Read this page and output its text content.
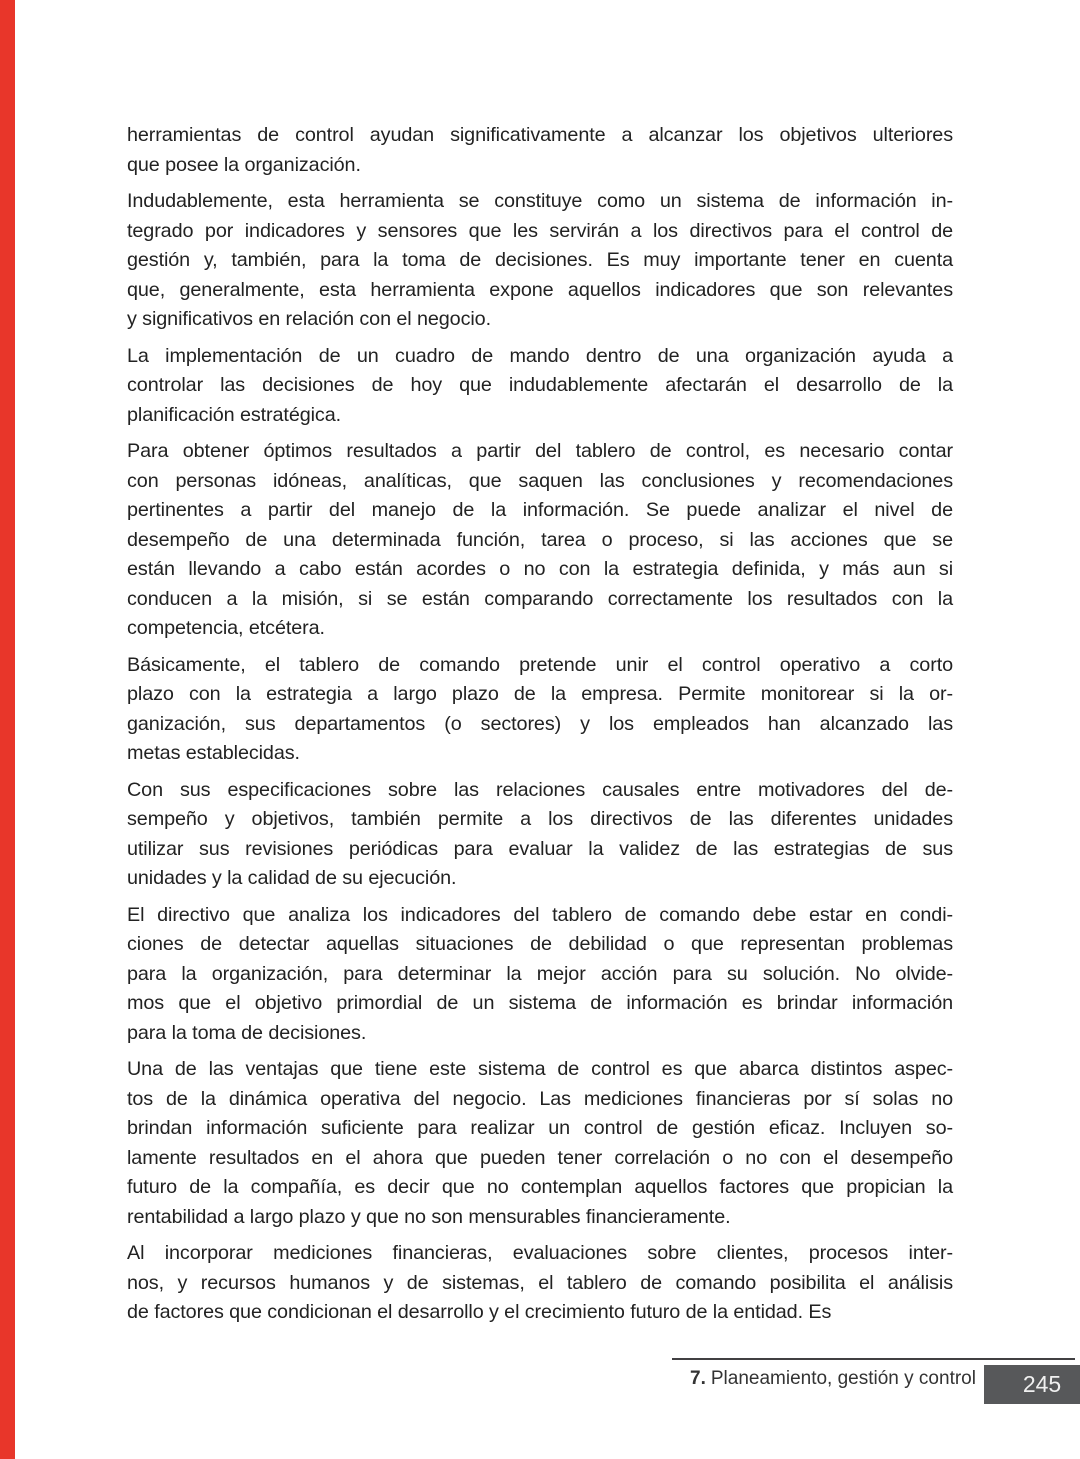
herramientas de control ayudan significativamente a alcanzar los objetivos ulteriores
que posee la organización.
Indudablemente, esta herramienta se constituye como un sistema de información in-
tegrado por indicadores y sensores que les servirán a los directivos para el control de
gestión y, también, para la toma de decisiones. Es muy importante tener en cuenta
que, generalmente, esta herramienta expone aquellos indicadores que son relevantes
y significativos en relación con el negocio.
La implementación de un cuadro de mando dentro de una organización ayuda a
controlar las decisiones de hoy que indudablemente afectarán el desarrollo de la
planificación estratégica.
Para obtener óptimos resultados a partir del tablero de control, es necesario contar
con personas idóneas, analíticas, que saquen las conclusiones y recomendaciones
pertinentes a partir del manejo de la información. Se puede analizar el nivel de
desempeño de una determinada función, tarea o proceso, si las acciones que se
están llevando a cabo están acordes o no con la estrategia definida, y más aun si
conducen a la misión, si se están comparando correctamente los resultados con la
competencia, etcétera.
Básicamente, el tablero de comando pretende unir el control operativo a corto
plazo con la estrategia a largo plazo de la empresa. Permite monitorear si la or-
ganización, sus departamentos (o sectores) y los empleados han alcanzado las
metas establecidas.
Con sus especificaciones sobre las relaciones causales entre motivadores del de-
sempeño y objetivos, también permite a los directivos de las diferentes unidades
utilizar sus revisiones periódicas para evaluar la validez de las estrategias de sus
unidades y la calidad de su ejecución.
El directivo que analiza los indicadores del tablero de comando debe estar en condi-
ciones de detectar aquellas situaciones de debilidad o que representan problemas
para la organización, para determinar la mejor acción para su solución. No olvide-
mos que el objetivo primordial de un sistema de información es brindar información
para la toma de decisiones.
Una de las ventajas que tiene este sistema de control es que abarca distintos aspec-
tos de la dinámica operativa del negocio. Las mediciones financieras por sí solas no
brindan información suficiente para realizar un control de gestión eficaz. Incluyen so-
lamente resultados en el ahora que pueden tener correlación o no con el desempeño
futuro de la compañía, es decir que no contemplan aquellos factores que propician la
rentabilidad a largo plazo y que no son mensurables financieramente.
Al incorporar mediciones financieras, evaluaciones sobre clientes, procesos inter-
nos, y recursos humanos y de sistemas, el tablero de comando posibilita el análisis
de factores que condicionan el desarrollo y el crecimiento futuro de la entidad. Es
7. Planeamiento, gestión y control 245
